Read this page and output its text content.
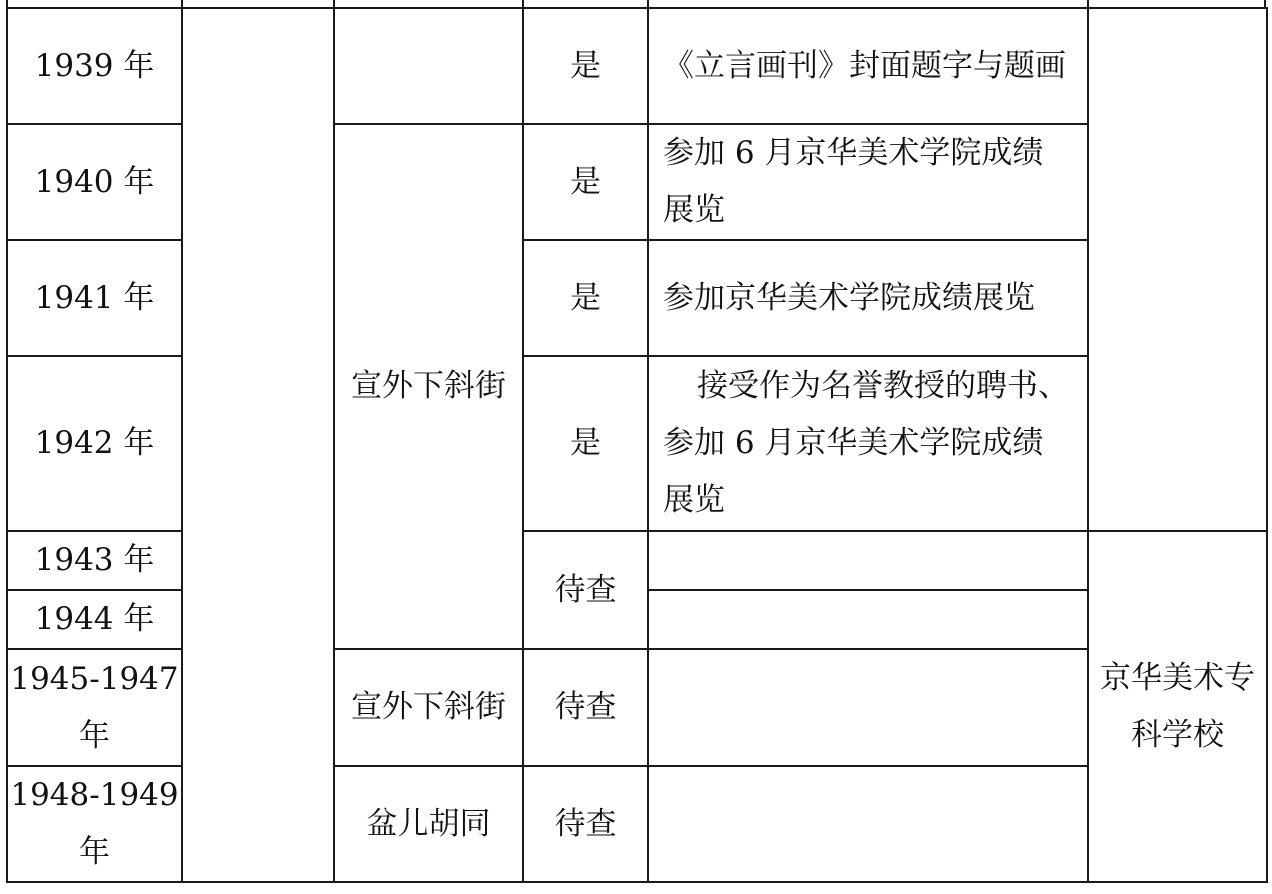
1939 年			是	《立言画刊》封面题字与题画	
1940 年		宣外下斜街	是	参加 6 月京华美术学院成绩展览	
1941 年			是	参加京华美术学院成绩展览	
1942 年			是	接受作为名誉教授的聘书、参加 6 月京华美术学院成绩展览	
1943 年			待查		京华美术专科学校
1944 年					
1945-1947 年		宣外下斜街	待查		
1948-1949 年		盆儿胡同	待查		
